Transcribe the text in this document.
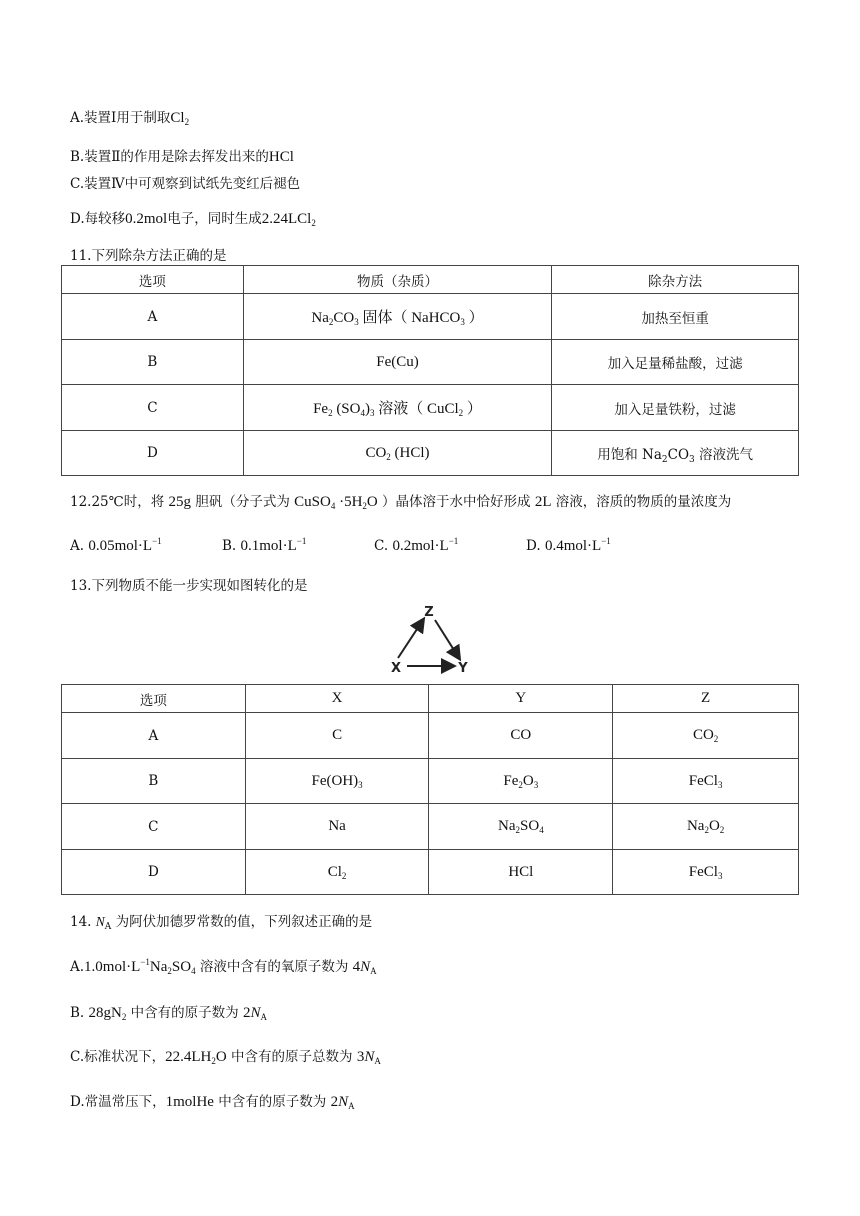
A.装置Ⅰ用于制取$Cl_2$
B.装置Ⅱ的作用是除去挥发出来的HCl
C.装置Ⅳ中可观察到试纸先变红后褪色
D.每较移0.2mol电子，同时生成2.24LCl$_2$
11.下列除杂方法正确的是
选项	物质（杂质）	除杂方法
A	$Na_2CO_3$ 固体（ NaHCO$_3$ ）	加热至恒重
B	Fe(Cu)	加入足量稀盐酸，过滤
C	$Fe_2$ $(SO_4)_3$ 溶液（ CuCl$_2$ ）	加入足量铁粉，过滤
D	$CO_2$ (HCl)	用饱和 $Na_2CO_3$ 溶液洗气
12.25℃时，将 25g 胆矾（分子式为 CuSO$_4$ $\cdot 5H_2O$ ）晶体溶于水中恰好形成 2L 溶液，溶质的物质的量浓度为
A. $0.05mol\cdot L^{-1}$	B. $0.1mol\cdot L^{-1}$	C. $0.2mol\cdot L^{-1}$	D. $0.4mol\cdot L^{-1}$
13.下列物质不能一步实现如图转化的是
Z
X	Y
选项	X	Y	Z
A	C	CO	$CO_2$
B	$Fe(OH)_3$	$Fe_2O_3$	FeCl$_3$
C	Na	$Na_2SO_4$	$Na_2O_2$
D	$Cl_2$	HCl	FeCl$_3$
14. $N_A$ 为阿伏加德罗常数的值，下列叙述正确的是
$A.1.0mol\cdot L^{-1}Na_2SO_4$ 溶液中含有的氧原子数为 $4N_A$
B. $28gN_2$ 中含有的原子数为 $2N_A$
C.标准状况下，$22.4LH_2O$ 中含有的原子总数为 $3N_A$
D.常温常压下，1molHe 中含有的原子数为 $2N_A$
